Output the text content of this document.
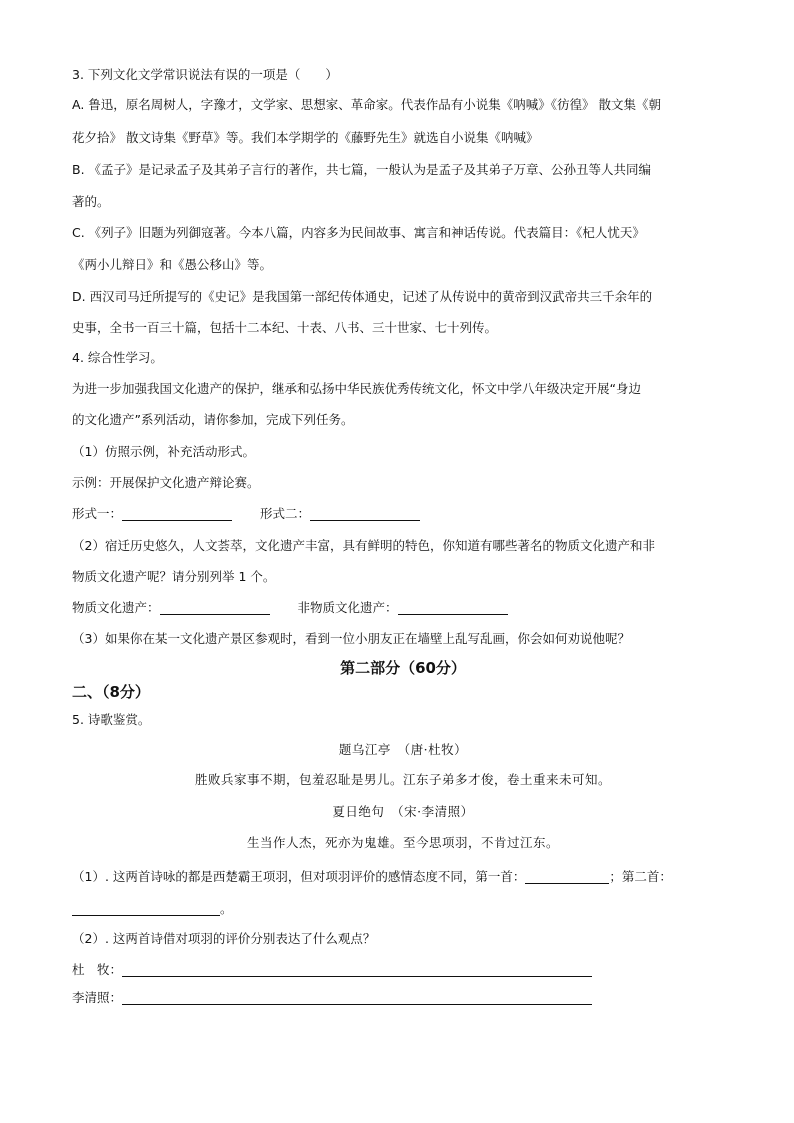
3. 下列文化文学常识说法有误的一项是（　　）
A. 鲁迅，原名周树人，字豫才，文学家、思想家、革命家。代表作品有小说集《呐喊》《彷徨》 散文集《朝
花夕拾》 散文诗集《野草》等。我们本学期学的《藤野先生》就选自小说集《呐喊》
B. 《孟子》是记录孟子及其弟子言行的著作，共七篇，一般认为是孟子及其弟子万章、公孙丑等人共同编
著的。
C. 《列子》旧题为列御寇著。今本八篇，内容多为民间故事、寓言和神话传说。代表篇目：《杞人忧天》
《两小儿辩日》和《愚公移山》等。
D. 西汉司马迁所提写的《史记》是我国第一部纪传体通史，记述了从传说中的黄帝到汉武帝共三千余年的
史事，全书一百三十篇，包括十二本纪、十表、八书、三十世家、七十列传。
4. 综合性学习。
为进一步加强我国文化遗产的保护，继承和弘扬中华民族优秀传统文化，怀文中学八年级决定开展“身边
的文化遗产”系列活动，请你参加，完成下列任务。
（1）仿照示例，补充活动形式。
示例：开展保护文化遗产辩论赛。
形式一：	形式二：
（2）宿迁历史悠久，人文荟萃，文化遗产丰富，具有鲜明的特色，你知道有哪些著名的物质文化遗产和非
物质文化遗产呢？请分别列举 1 个。
物质文化遗产：	非物质文化遗产：
（3）如果你在某一文化遗产景区参观时，看到一位小朋友正在墙壁上乱写乱画，你会如何劝说他呢？
第二部分（60分）
二、（8分）
5. 诗歌鉴赏。
题乌江亭　（唐·杜牧）
胜败兵家事不期，包羞忍耻是男儿。江东子弟多才俊，卷土重来未可知。
夏日绝句　（宋·李清照）
生当作人杰，死亦为鬼雄。至今思项羽，不肯过江东。
（1）. 这两首诗咏的都是西楚霸王项羽，但对项羽评价的感情态度不同，第一首：	；第二首：
。
（2）. 这两首诗借对项羽的评价分别表达了什么观点？
杜　牧：
李清照：
